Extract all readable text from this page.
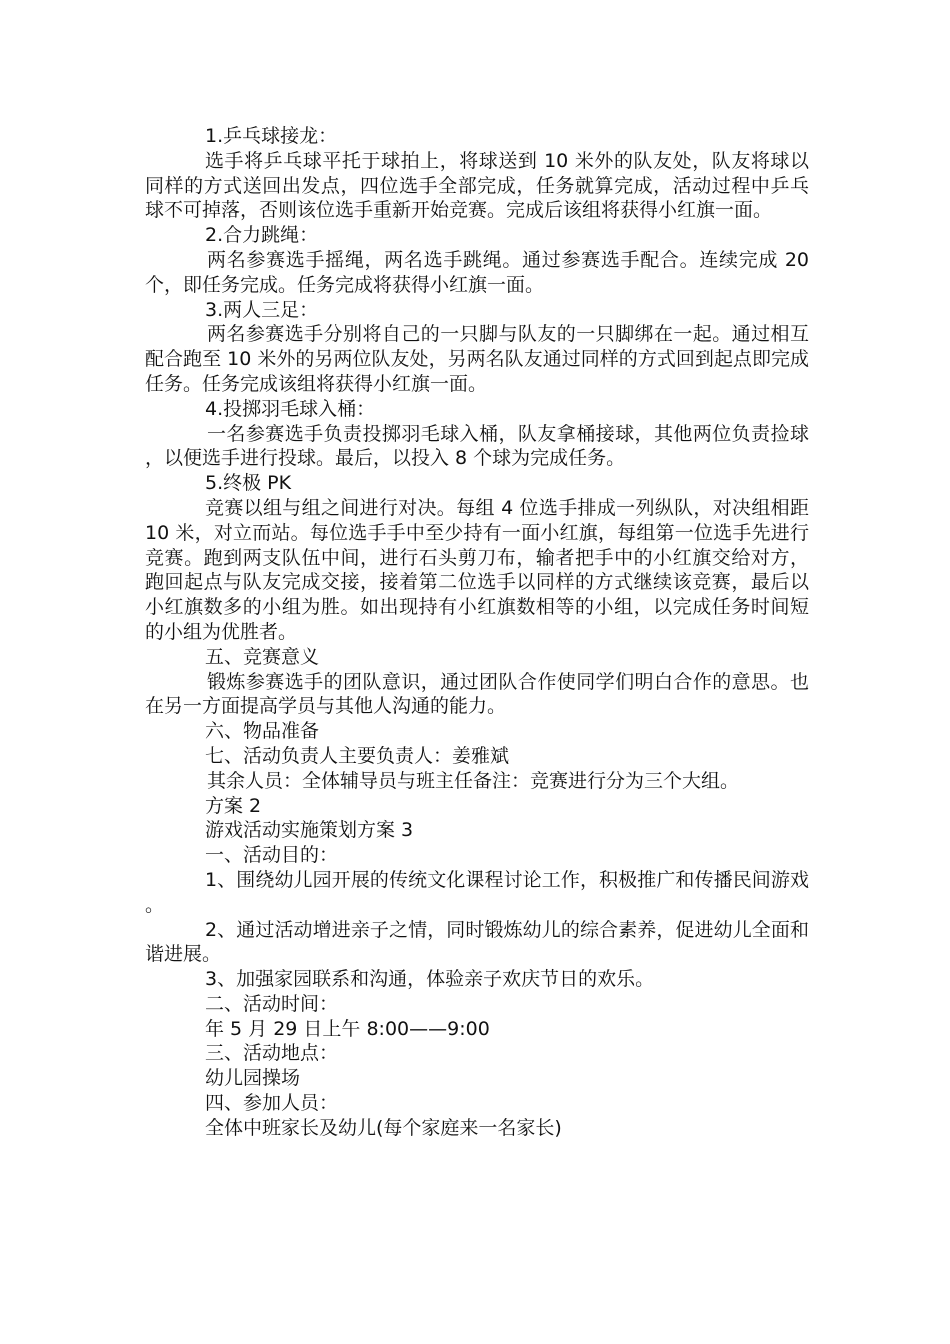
1.乒乓球接龙：

选手将乒乓球平托于球拍上，将球送到 10 米外的队友处，队友将球以同样的方式送回出发点，四位选手全部完成，任务就算完成，活动过程中乒乓球不可掉落，否则该位选手重新开始竞赛。完成后该组将获得小红旗一面。

2.合力跳绳：

两名参赛选手摇绳，两名选手跳绳。通过参赛选手配合。连续完成 20 个，即任务完成。任务完成将获得小红旗一面。

3.两人三足：

两名参赛选手分别将自己的一只脚与队友的一只脚绑在一起。通过相互配合跑至 10 米外的另两位队友处，另两名队友通过同样的方式回到起点即完成任务。任务完成该组将获得小红旗一面。

4.投掷羽毛球入桶：

一名参赛选手负责投掷羽毛球入桶，队友拿桶接球，其他两位负责捡球，以便选手进行投球。最后，以投入 8 个球为完成任务。

5.终极 PK

竞赛以组与组之间进行对决。每组 4 位选手排成一列纵队，对决组相距 10 米，对立而站。每位选手手中至少持有一面小红旗，每组第一位选手先进行竞赛。跑到两支队伍中间，进行石头剪刀布，输者把手中的小红旗交给对方，跑回起点与队友完成交接，接着第二位选手以同样的方式继续该竞赛，最后以小红旗数多的小组为胜。如出现持有小红旗数相等的小组，以完成任务时间短的小组为优胜者。

五、竞赛意义

锻炼参赛选手的团队意识，通过团队合作使同学们明白合作的意思。也在另一方面提高学员与其他人沟通的能力。

六、物品准备

七、活动负责人主要负责人：姜雅斌

其余人员：全体辅导员与班主任备注：竞赛进行分为三个大组。

方案 2

游戏活动实施策划方案 3

一、活动目的：

1、围绕幼儿园开展的传统文化课程讨论工作，积极推广和传播民间游戏。

2、通过活动增进亲子之情，同时锻炼幼儿的综合素养，促进幼儿全面和谐进展。

3、加强家园联系和沟通，体验亲子欢庆节日的欢乐。

二、活动时间：

年 5 月 29 日上午 8:00——9:00

三、活动地点：

幼儿园操场

四、参加人员：

全体中班家长及幼儿(每个家庭来一名家长)
